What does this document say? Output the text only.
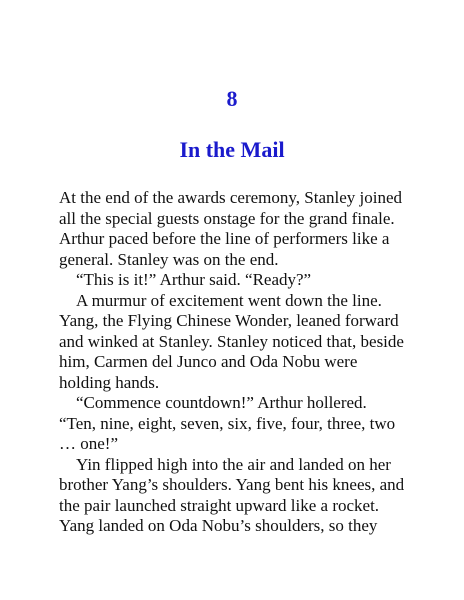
8
In the Mail
At the end of the awards ceremony, Stanley joined
all the special guests onstage for the grand finale.
Arthur paced before the line of performers like a
general. Stanley was on the end.
“This is it!” Arthur said. “Ready?”
A murmur of excitement went down the line.
Yang, the Flying Chinese Wonder, leaned forward
and winked at Stanley. Stanley noticed that, beside
him, Carmen del Junco and Oda Nobu were
holding hands.
“Commence countdown!” Arthur hollered.
“Ten, nine, eight, seven, six, five, four, three, two
… one!”
Yin flipped high into the air and landed on her
brother Yang’s shoulders. Yang bent his knees, and
the pair launched straight upward like a rocket.
Yang landed on Oda Nobu’s shoulders, so they
